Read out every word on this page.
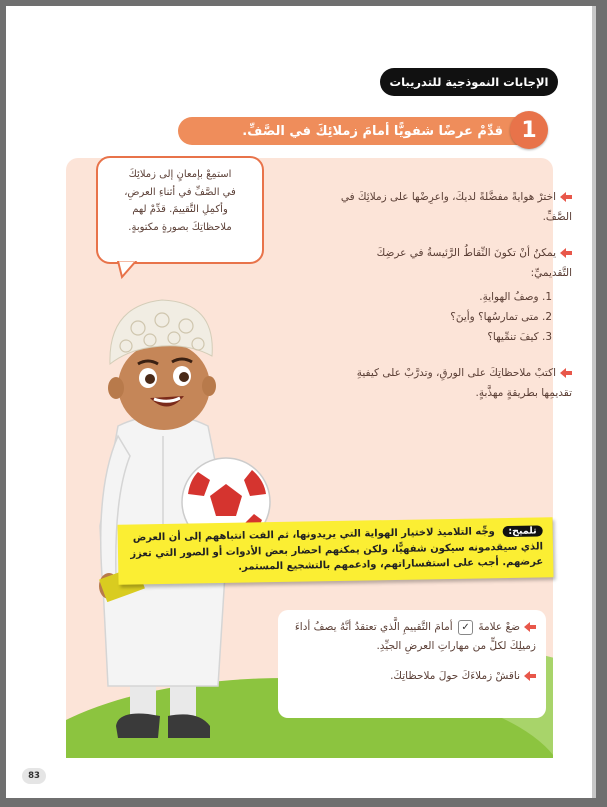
الإجابات النموذجية للتدريبات
قدِّمْ عرضًا شفويًّا أمامَ زملائِكَ في الصَّفِّ. 1
استمِعْ بإمعانٍ إلى زملائِكَ
في الصَّفِّ في أثناءِ العرضِ،
وأكمِلِ التَّقييمَ. قدِّمْ لهم
ملاحظاتِكَ بصورةٍ مكتوبةٍ.

اخترْ هوايةً مفضَّلةً لديكَ، واعرِضْها على زملائِكَ في الصَّفِّ.

يمكنُ أنْ تكونَ النِّقاطُ الرَّئيسةُ في عرضِكَ التَّقديميِّ:

1. وصفُ الهوايةِ.
2. متى تمارسُها؟ وأينَ؟
3. كيفَ تنمِّيها؟

اكتبْ ملاحظاتِكَ على الورقِ، وتدرَّبْ على كيفيةِ تقديمِها بطريقةٍ مهذَّبةٍ.

تلميح: وجِّه التلاميذ لاختيار الهواية التي يريدونها، ثم الفت انتباههم إلى أن العرض الذي سيقدمونه سيكون شفهيًّا، ولكن يمكنهم احضار بعض الأدوات أو الصور التي تعزز عرضهم. أجب على استفساراتهم، وادعمهم بالتشجيع المستمر.

ضعْ علامةَ ✓ أمامَ التَّقييمِ الَّذي تعتقدُ أنَّهُ يصفُ أداءَ زميلِكَ لكلٍّ من مهاراتِ العرضِ الجيِّدِ.

ناقشْ زملاءَكَ حولَ ملاحظاتِكَ.

83
